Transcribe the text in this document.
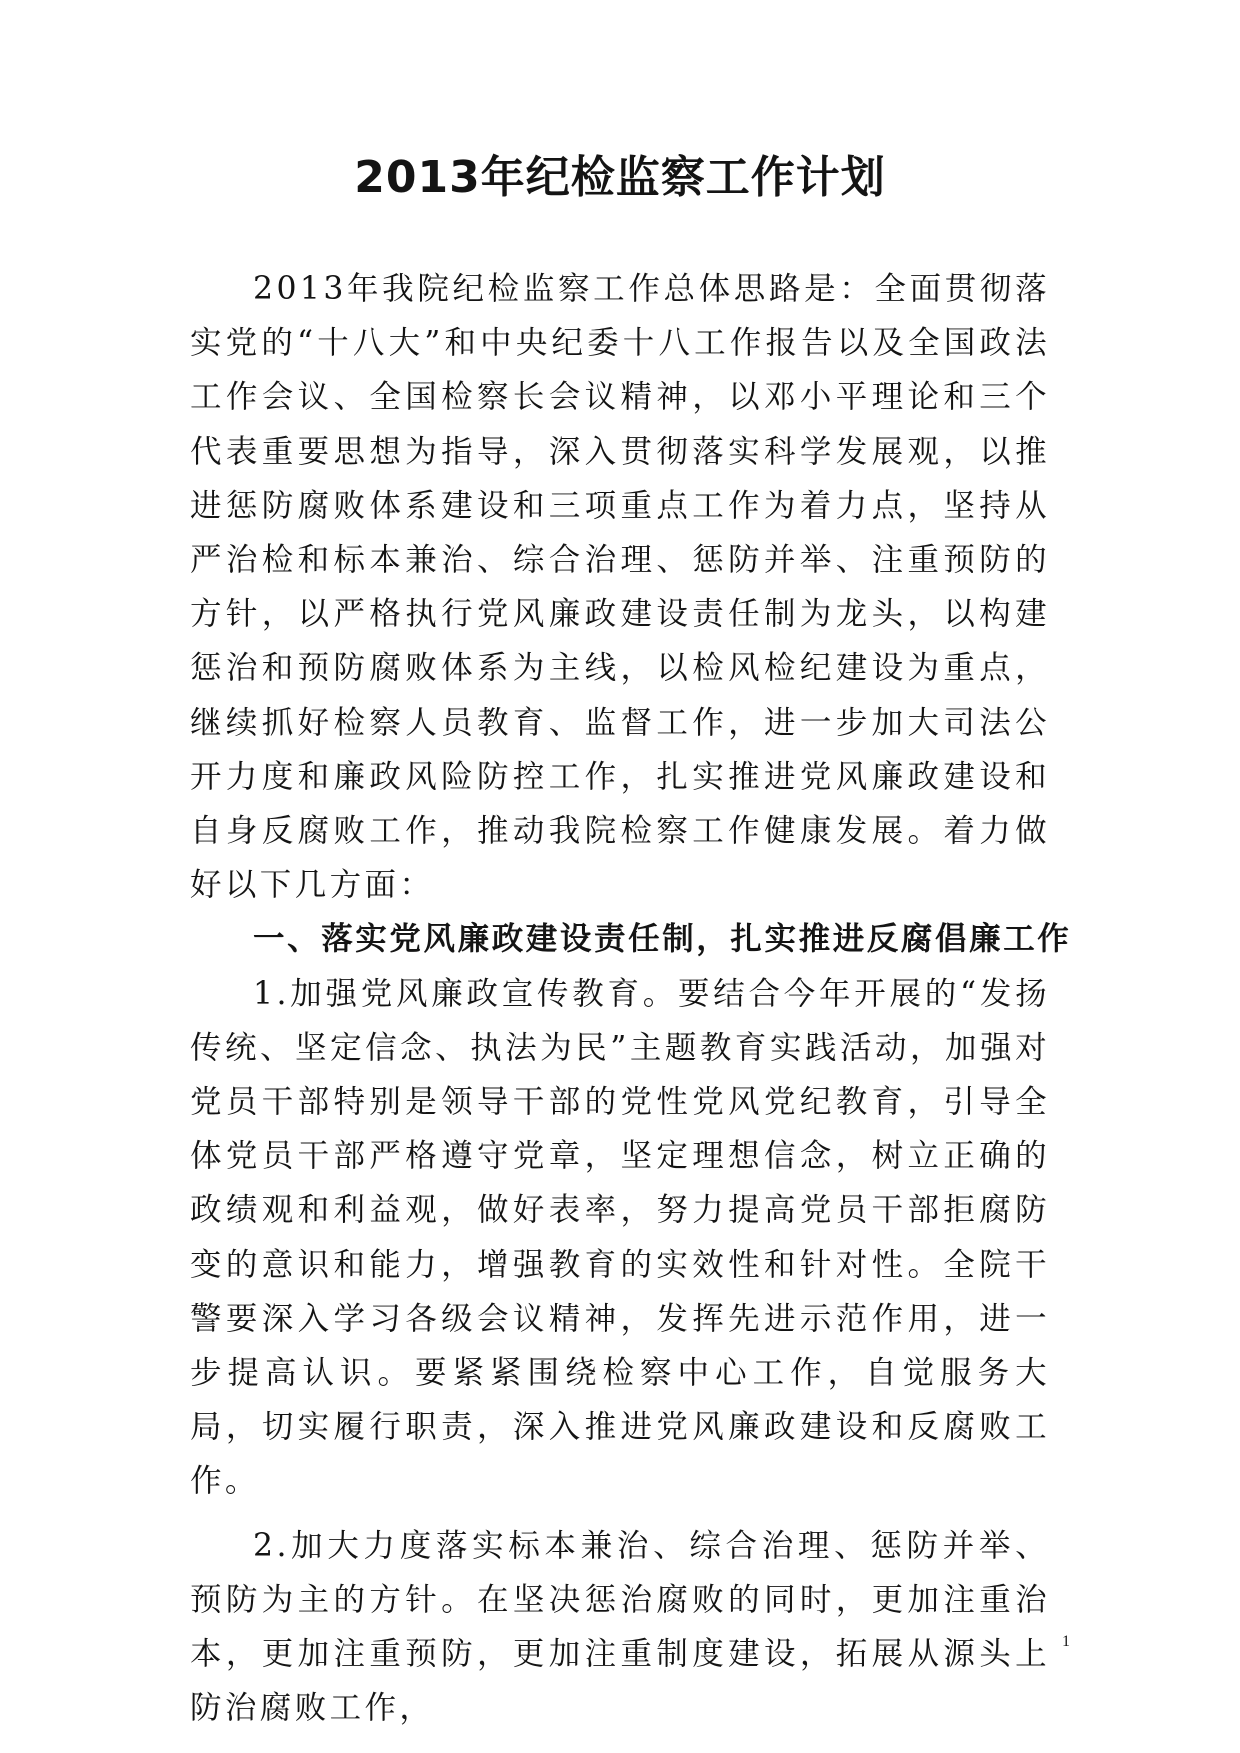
2013年纪检监察工作计划

2013年我院纪检监察工作总体思路是：全面贯彻落实党的“十八大”和中央纪委十八工作报告以及全国政法工作会议、全国检察长会议精神，以邓小平理论和三个代表重要思想为指导，深入贯彻落实科学发展观，以推进惩防腐败体系建设和三项重点工作为着力点，坚持从严治检和标本兼治、综合治理、惩防并举、注重预防的方针，以严格执行党风廉政建设责任制为龙头，以构建惩治和预防腐败体系为主线，以检风检纪建设为重点，继续抓好检察人员教育、监督工作，进一步加大司法公开力度和廉政风险防控工作，扎实推进党风廉政建设和自身反腐败工作，推动我院检察工作健康发展。着力做好以下几方面：

一、落实党风廉政建设责任制，扎实推进反腐倡廉工作

1.加强党风廉政宣传教育。要结合今年开展的“发扬传统、坚定信念、执法为民”主题教育实践活动，加强对党员干部特别是领导干部的党性党风党纪教育，引导全体党员干部严格遵守党章，坚定理想信念，树立正确的政绩观和利益观，做好表率，努力提高党员干部拒腐防变的意识和能力，增强教育的实效性和针对性。全院干警要深入学习各级会议精神，发挥先进示范作用，进一步提高认识。要紧紧围绕检察中心工作，自觉服务大局，切实履行职责，深入推进党风廉政建设和反腐败工作。

2.加大力度落实标本兼治、综合治理、惩防并举、预防为主的方针。在坚决惩治腐败的同时，更加注重治本，更加注重预防，更加注重制度建设，拓展从源头上防治腐败工作，

1
